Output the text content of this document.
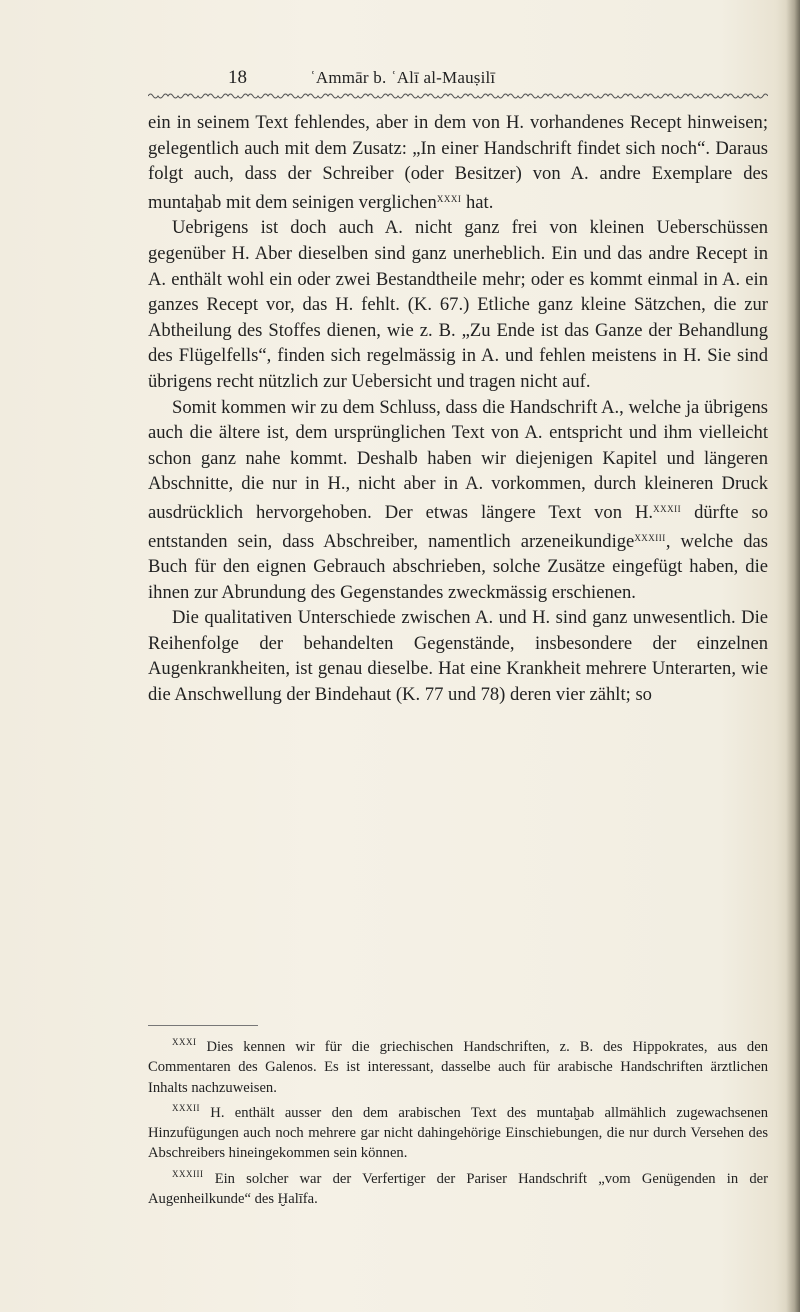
18	ʿAmmār b. ʿAlī al-Mauṣilī

ein in seinem Text fehlendes, aber in dem von H. vorhandenes Recept hinweisen; gelegentlich auch mit dem Zusatz: „In einer Handschrift findet sich noch“. Daraus folgt auch, dass der Schreiber (oder Besitzer) von A. andre Exemplare des muntaḫab mit dem seinigen verglichen$^{XXXI}$ hat.

Uebrigens ist doch auch A. nicht ganz frei von kleinen Ueberschüssen gegenüber H. Aber dieselben sind ganz unerheblich. Ein und das andre Recept in A. enthält wohl ein oder zwei Bestandtheile mehr; oder es kommt einmal in A. ein ganzes Recept vor, das H. fehlt. (K. 67.) Etliche ganz kleine Sätzchen, die zur Abtheilung des Stoffes dienen, wie z. B. „Zu Ende ist das Ganze der Behandlung des Flügelfells“, finden sich regelmässig in A. und fehlen meistens in H. Sie sind übrigens recht nützlich zur Uebersicht und tragen nicht auf.

Somit kommen wir zu dem Schluss, dass die Handschrift A., welche ja übrigens auch die ältere ist, dem ursprünglichen Text von A. entspricht und ihm vielleicht schon ganz nahe kommt. Deshalb haben wir diejenigen Kapitel und längeren Abschnitte, die nur in H., nicht aber in A. vorkommen, durch kleineren Druck ausdrücklich hervorgehoben. Der etwas längere Text von H.$^{XXXII}$ dürfte so entstanden sein, dass Abschreiber, namentlich arzeneikundige$^{XXXIII}$, welche das Buch für den eignen Gebrauch abschrieben, solche Zusätze eingefügt haben, die ihnen zur Abrundung des Gegenstandes zweckmässig erschienen.

Die qualitativen Unterschiede zwischen A. und H. sind ganz unwesentlich. Die Reihenfolge der behandelten Gegenstände, insbesondere der einzelnen Augenkrankheiten, ist genau dieselbe. Hat eine Krankheit mehrere Unterarten, wie die Anschwellung der Bindehaut (K. 77 und 78) deren vier zählt; so

$^{XXXI}$ Dies kennen wir für die griechischen Handschriften, z. B. des Hippokrates, aus den Commentaren des Galenos. Es ist interessant, dasselbe auch für arabische Handschriften ärztlichen Inhalts nachzuweisen.

$^{XXXII}$ H. enthält ausser den dem arabischen Text des muntaḫab allmählich zugewachsenen Hinzufügungen auch noch mehrere gar nicht dahingehörige Einschiebungen, die nur durch Versehen des Abschreibers hineingekommen sein können.

$^{XXXIII}$ Ein solcher war der Verfertiger der Pariser Handschrift „vom Genügenden in der Augenheilkunde“ des Ḫalīfa.
